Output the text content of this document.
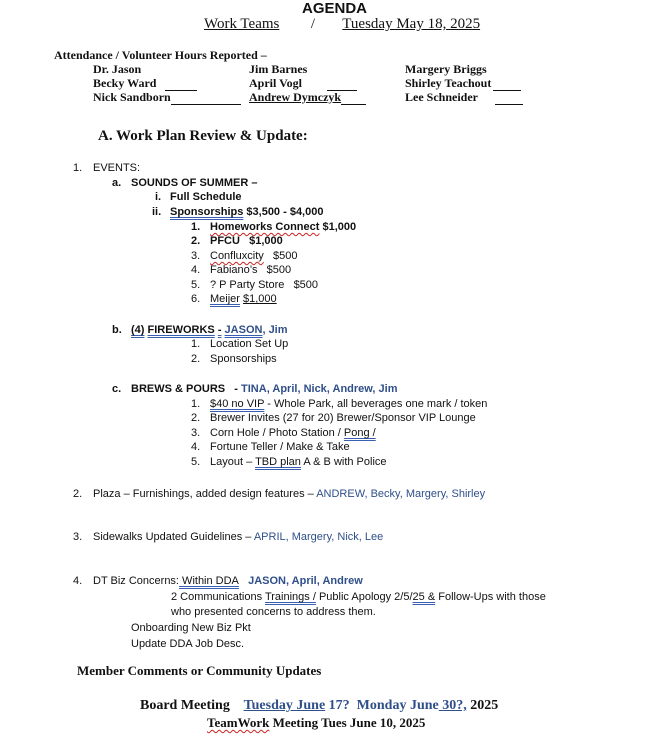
AGENDA
Work Teams / Tuesday May 18, 2025
Attendance / Volunteer Hours Reported –
Dr. Jason
Becky Ward
Nick Sandborn
Jim Barnes
April Vogl
Andrew Dymczyk
Margery Briggs
Shirley Teachout
Lee Schneider
A. Work Plan Review & Update:
1. EVENTS:
a. SOUNDS OF SUMMER –
i. Full Schedule
ii. Sponsorships $3,500 - $4,000
1. Homeworks Connect $1,000
2. PFCU $1,000
3. Confluxcity $500
4. Fabiano’s $500
5. ? P Party Store $500
6. Meijer $1,000
b. (4) FIREWORKS - JASON, Jim
1. Location Set Up
2. Sponsorships
c. BREWS & POURS - TINA, April, Nick, Andrew, Jim
1. $40 no VIP - Whole Park, all beverages one mark / token
2. Brewer Invites (27 for 20) Brewer/Sponsor VIP Lounge
3. Corn Hole / Photo Station / Pong /
4. Fortune Teller / Make & Take
5. Layout – TBD plan A & B with Police
2. Plaza – Furnishings, added design features – ANDREW, Becky, Margery, Shirley
3. Sidewalks Updated Guidelines – APRIL, Margery, Nick, Lee
4. DT Biz Concerns: Within DDA JASON, April, Andrew
2 Communications Trainings / Public Apology 2/5/25 & Follow-Ups with those
who presented concerns to address them.
Onboarding New Biz Pkt
Update DDA Job Desc.
Member Comments or Community Updates
Board Meeting Tuesday June 17? Monday June 30?, 2025
TeamWork Meeting Tues June 10, 2025
